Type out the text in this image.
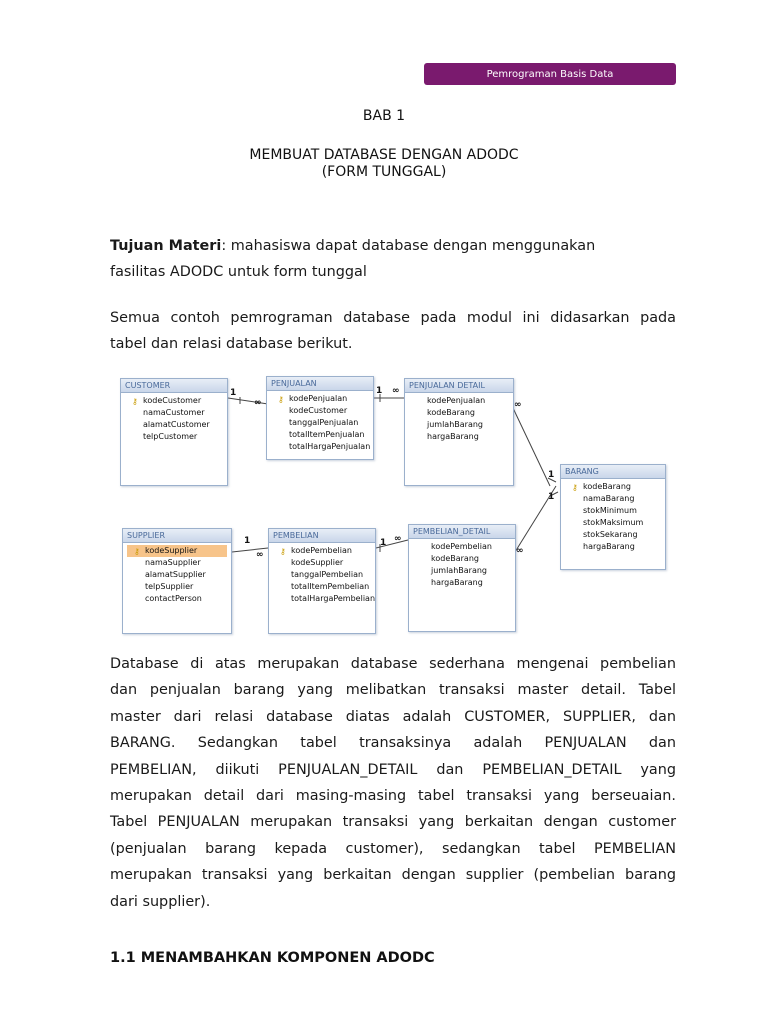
Pemrograman Basis Data
BAB 1
MEMBUAT DATABASE DENGAN ADODC
(FORM TUNGGAL)
Tujuan Materi: mahasiswa dapat database dengan menggunakan
fasilitas ADODC untuk form tunggal
Semua contoh pemrograman database pada modul ini didasarkan pada
tabel dan relasi database berikut.
1
∞
1 ∞
∞
1
1
∞
1 ∞
∞
1
CUSTOMER
⚷ kodeCustomer
namaCustomer
alamatCustomer
telpCustomer
PENJUALAN
⚷ kodePenjualan
kodeCustomer
tanggalPenjualan
totalItemPenjualan
totalHargaPenjualan
PENJUALAN DETAIL
kodePenjualan
kodeBarang
jumlahBarang
hargaBarang
BARANG
⚷ kodeBarang
namaBarang
stokMinimum
stokMaksimum
stokSekarang
hargaBarang
SUPPLIER
⚷ kodeSupplier
namaSupplier
alamatSupplier
telpSupplier
contactPerson
PEMBELIAN
⚷ kodePembelian
kodeSupplier
tanggalPembelian
totalItemPembelian
totalHargaPembelian
PEMBELIAN_DETAIL
kodePembelian
kodeBarang
jumlahBarang
hargaBarang
Database di atas merupakan database sederhana mengenai pembelian
dan penjualan barang yang melibatkan transaksi master detail. Tabel
master dari relasi database diatas adalah CUSTOMER, SUPPLIER, dan
BARANG. Sedangkan tabel transaksinya adalah PENJUALAN dan
PEMBELIAN, diikuti PENJUALAN_DETAIL dan PEMBELIAN_DETAIL yang
merupakan detail dari masing-masing tabel transaksi yang berseuaian.
Tabel PENJUALAN merupakan transaksi yang berkaitan dengan customer
(penjualan barang kepada customer), sedangkan tabel PEMBELIAN
merupakan transaksi yang berkaitan dengan supplier (pembelian barang
dari supplier).
1.1 MENAMBAHKAN KOMPONEN ADODC
